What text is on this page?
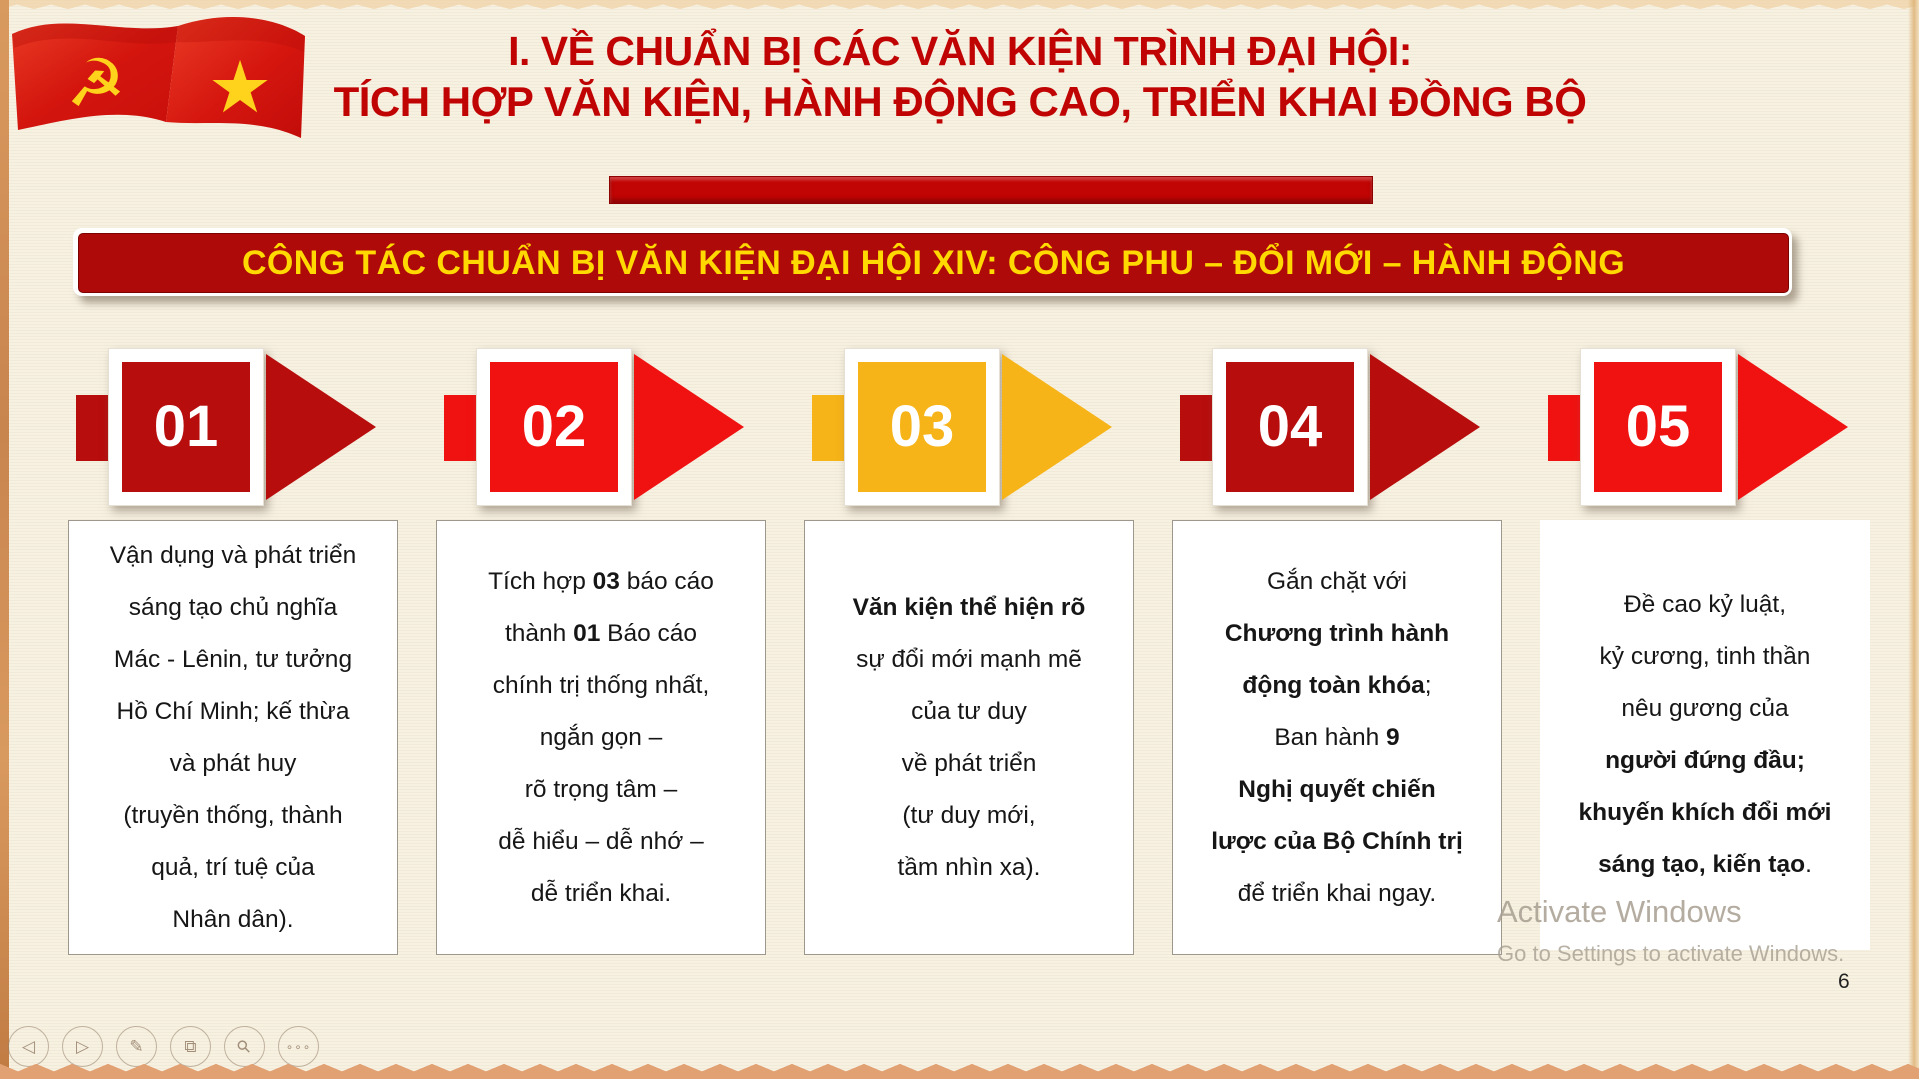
☭ ★	I. VỀ CHUẨN BỊ CÁC VĂN KIỆN TRÌNH ĐẠI HỘI:
TÍCH HỢP VĂN KIỆN, HÀNH ĐỘNG CAO, TRIỂN KHAI ĐỒNG BỘ
CÔNG TÁC CHUẨN BỊ VĂN KIỆN ĐẠI HỘI XIV: CÔNG PHU – ĐỔI MỚI – HÀNH ĐỘNG
01	02	03	04	05
Vận dụng và phát triển
sáng tạo chủ nghĩa
Mác - Lênin, tư tưởng
Hồ Chí Minh; kế thừa
và phát huy
(truyền thống, thành
quả, trí tuệ của
Nhân dân).
Tích hợp 03 báo cáo
thành 01 Báo cáo
chính trị thống nhất,
ngắn gọn –
rõ trọng tâm –
dễ hiểu – dễ nhớ –
dễ triển khai.
Văn kiện thể hiện rõ
sự đổi mới mạnh mẽ
của tư duy
về phát triển
(tư duy mới,
tầm nhìn xa).
Gắn chặt với
Chương trình hành
động toàn khóa;
Ban hành 9
Nghị quyết chiến
lược của Bộ Chính trị
để triển khai ngay.
Đề cao kỷ luật,
kỷ cương, tinh thần
nêu gương của
người đứng đầu;
khuyến khích đổi mới
sáng tạo, kiến tạo.
Activate Windows
Go to Settings to activate Windows.
6
◁ ▷ ✎ ⧉ ⚲ ∘∘∘
